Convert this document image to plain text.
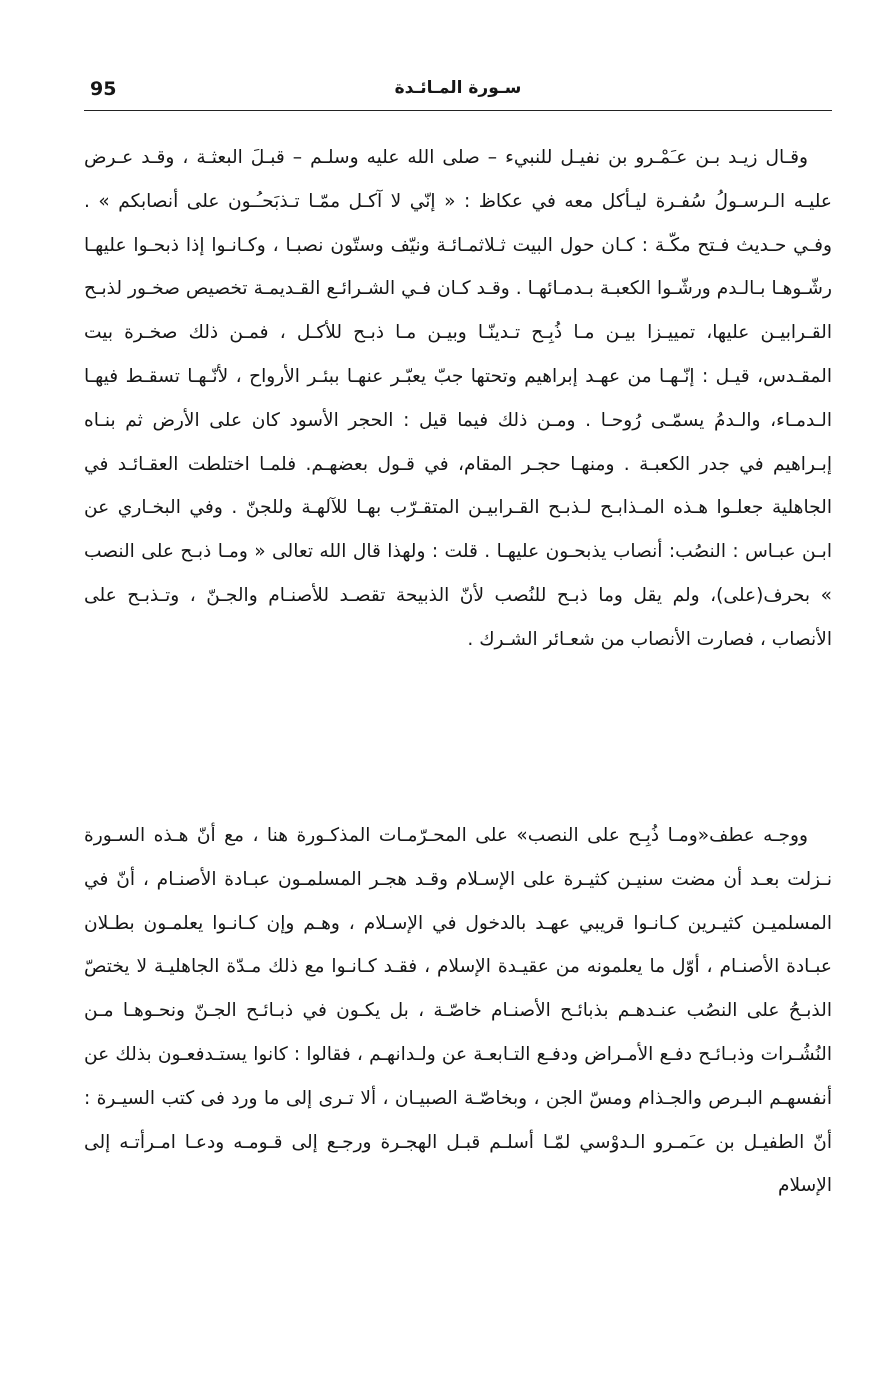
95	سـورة المـائـدة

وقـال زيـد بـن عـَمْـرو بن نفيـل للنبيء – صلى الله عليه وسلـم – قبـلَ البعثـة ، وقـد عـرض عليـه الـرسـولُ سُفـرة ليـأكل معه في عكاظ : « إنّي لا آكـل ممّـا تـذبَحـُـون على أنصابكم » . وفـي حـديث فـتح مكّـة : كـان حول البيت ثـلاثمـائـة ونيّف وستّون نصبـا ، وكـانـوا إذا ذبحـوا عليهـا رشّـوهـا بـالـدم ورشّـوا الكعبـة بـدمـائهـا . وقـد كـان فـي الشـرائـع القـديمـة تخصيص صخـور لذبـح القـرابيـن عليها، تمييـزا بيـن مـا ذُبِـح تـدينّـا وبيـن مـا ذبـح للأكـل ، فمـن ذلك صخـرة بيت المقـدس، قيـل : إنّـهـا من عهـد إبراهيم وتحتها جبّ يعبّـر عنهـا ببئـر الأرواح ، لأنّـهـا تسقـط فيهـا الـدمـاء، والـدمُ يسمّـى رُوحـا . ومـن ذلك فيما قيل : الحجر الأسود كان على الأرض ثم بنـاه إبـراهيم في جدر الكعبـة . ومنهـا حجـر المقام، في قـول بعضهـم. فلمـا اختلطت العقـائـد في الجاهلية جعلـوا هـذه المـذابـح لـذبـح القـرابيـن المتقـرّب بهـا للآلهـة وللجنّ . وفي البخـاري عن ابـن عبـاس : النصُب: أنصاب يذبحـون عليهـا . قلت : ولهذا قال الله تعالى « ومـا ذبـح على النصب » بحرف(على)، ولم يقل وما ذبـح للنُصب لأنّ الذبيحة تقصـد للأصنـام والجـنّ ، وتـذبـح على الأنصاب ، فصارت الأنصاب من شعـائر الشـرك .

ووجـه عطف«ومـا ذُبِـح على النصب» على المحـرّمـات المذكـورة هنا ، مع أنّ هـذه السـورة نـزلت بعـد أن مضت سنيـن كثيـرة على الإسـلام وقـد هجـر المسلمـون عبـادة الأصنـام ، أنّ في المسلميـن كثيـرين كـانـوا قريبي عهـد بالدخول في الإسـلام ، وهـم وإن كـانـوا يعلمـون بطـلان عبـادة الأصنـام ، أوّل ما يعلمونه من عقيـدة الإسلام ، فقـد كـانـوا مع ذلك مـدّة الجاهليـة لا يختصّ الذبـحُ على النصُب عنـدهـم بذبائـح الأصنـام خاصّـة ، بل يكـون في ذبـائـح الجـنّ ونحـوهـا مـن النُشُـرات وذبـائـح دفـع الأمـراض ودفـع التـابعـة عن ولـدانهـم ، فقالوا : كانوا يستـدفعـون بذلك عن أنفسهـم البـرص والجـذام ومسّ الجن ، وبخاصّـة الصبيـان ، ألا تـرى إلى ما ورد فى كتب السيـرة : أنّ الطفيـل بن عـَمـرو الـدوْسي لمّـا أسلـم قبـل الهجـرة ورجـع إلى قـومـه ودعـا امـرأتـه إلى الإسلام
